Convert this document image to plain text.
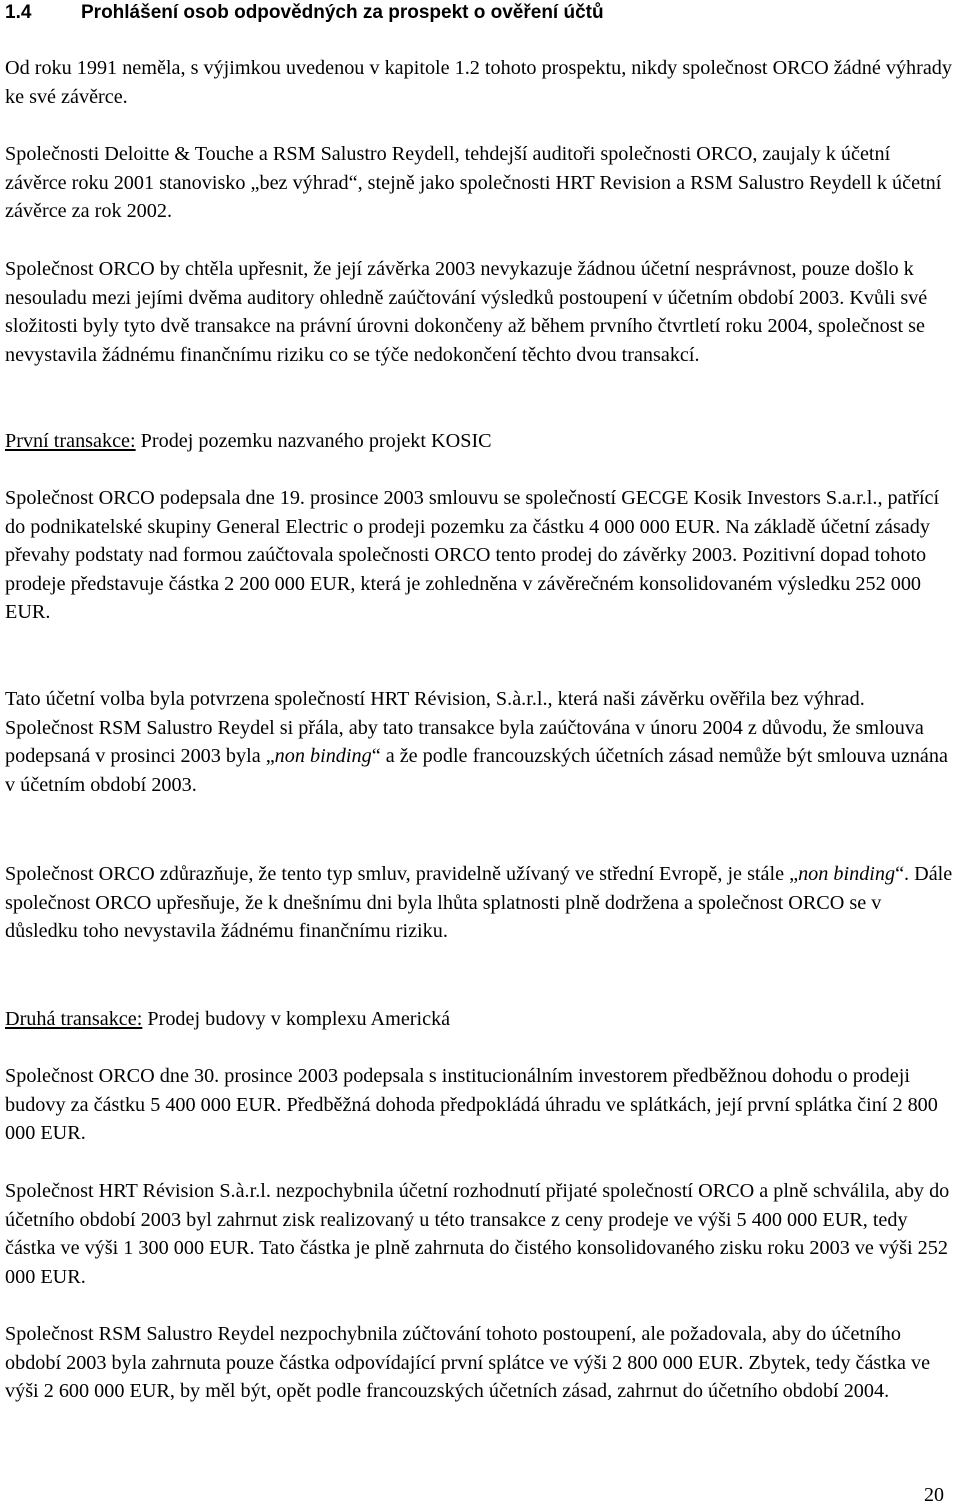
1.4	Prohlášení osob odpovědných za prospekt o ověření účtů

Od roku 1991 neměla, s výjimkou uvedenou v kapitole 1.2 tohoto prospektu, nikdy společnost ORCO žádné výhrady ke své závěrce.

Společnosti Deloitte & Touche a RSM Salustro Reydell, tehdejší auditoři společnosti ORCO, zaujaly k účetní závěrce roku 2001 stanovisko „bez výhrad“, stejně jako společnosti HRT Revision a RSM Salustro Reydell k účetní závěrce za rok 2002.

Společnost ORCO by chtěla upřesnit, že její závěrka 2003 nevykazuje žádnou účetní nesprávnost, pouze došlo k nesouladu mezi jejími dvěma auditory ohledně zaúčtování výsledků postoupení v účetním období 2003. Kvůli své složitosti byly tyto dvě transakce na právní úrovni dokončeny až během prvního čtvrtletí roku 2004, společnost se nevystavila žádnému finančnímu riziku co se týče nedokončení těchto dvou transakcí.

První transakce: Prodej pozemku nazvaného projekt KOSIC

Společnost ORCO podepsala dne 19. prosince 2003 smlouvu se společností GECGE Kosik Investors S.a.r.l., patřící do podnikatelské skupiny General Electric o prodeji pozemku za částku 4 000 000 EUR. Na základě účetní zásady převahy podstaty nad formou zaúčtovala společnosti ORCO tento prodej do závěrky 2003. Pozitivní dopad tohoto prodeje představuje částka 2 200 000 EUR, která je zohledněna v závěrečném konsolidovaném výsledku 252 000 EUR.

Tato účetní volba byla potvrzena společností HRT Révision, S.à.r.l., která naši závěrku ověřila bez výhrad. Společnost RSM Salustro Reydel si přála, aby tato transakce byla zaúčtována v únoru 2004 z důvodu, že smlouva podepsaná v prosinci 2003 byla „non binding“ a že podle francouzských účetních zásad nemůže být smlouva uznána v účetním období 2003.

Společnost ORCO zdůrazňuje, že tento typ smluv, pravidelně užívaný ve střední Evropě, je stále „non binding“. Dále společnost ORCO upřesňuje, že k dnešnímu dni byla lhůta splatnosti plně dodržena a společnost ORCO se v důsledku toho nevystavila žádnému finančnímu riziku.

Druhá transakce: Prodej budovy v komplexu Americká

Společnost ORCO dne 30. prosince 2003 podepsala s institucionálním investorem předběžnou dohodu o prodeji budovy za částku 5 400 000 EUR. Předběžná dohoda předpokládá úhradu ve splátkách, její první splátka činí 2 800 000 EUR.

Společnost HRT Révision S.à.r.l. nezpochybnila účetní rozhodnutí přijaté společností ORCO a plně schválila, aby do účetního období 2003 byl zahrnut zisk realizovaný u této transakce z ceny prodeje ve výši 5 400 000 EUR, tedy částka ve výši 1 300 000 EUR. Tato částka je plně zahrnuta do čistého konsolidovaného zisku roku 2003 ve výši 252 000 EUR.

Společnost RSM Salustro Reydel nezpochybnila zúčtování tohoto postoupení, ale požadovala, aby do účetního období 2003 byla zahrnuta pouze částka odpovídající první splátce ve výši 2 800 000 EUR. Zbytek, tedy částka ve výši 2 600 000 EUR, by měl být, opět podle francouzských účetních zásad, zahrnut do účetního období 2004.

20
